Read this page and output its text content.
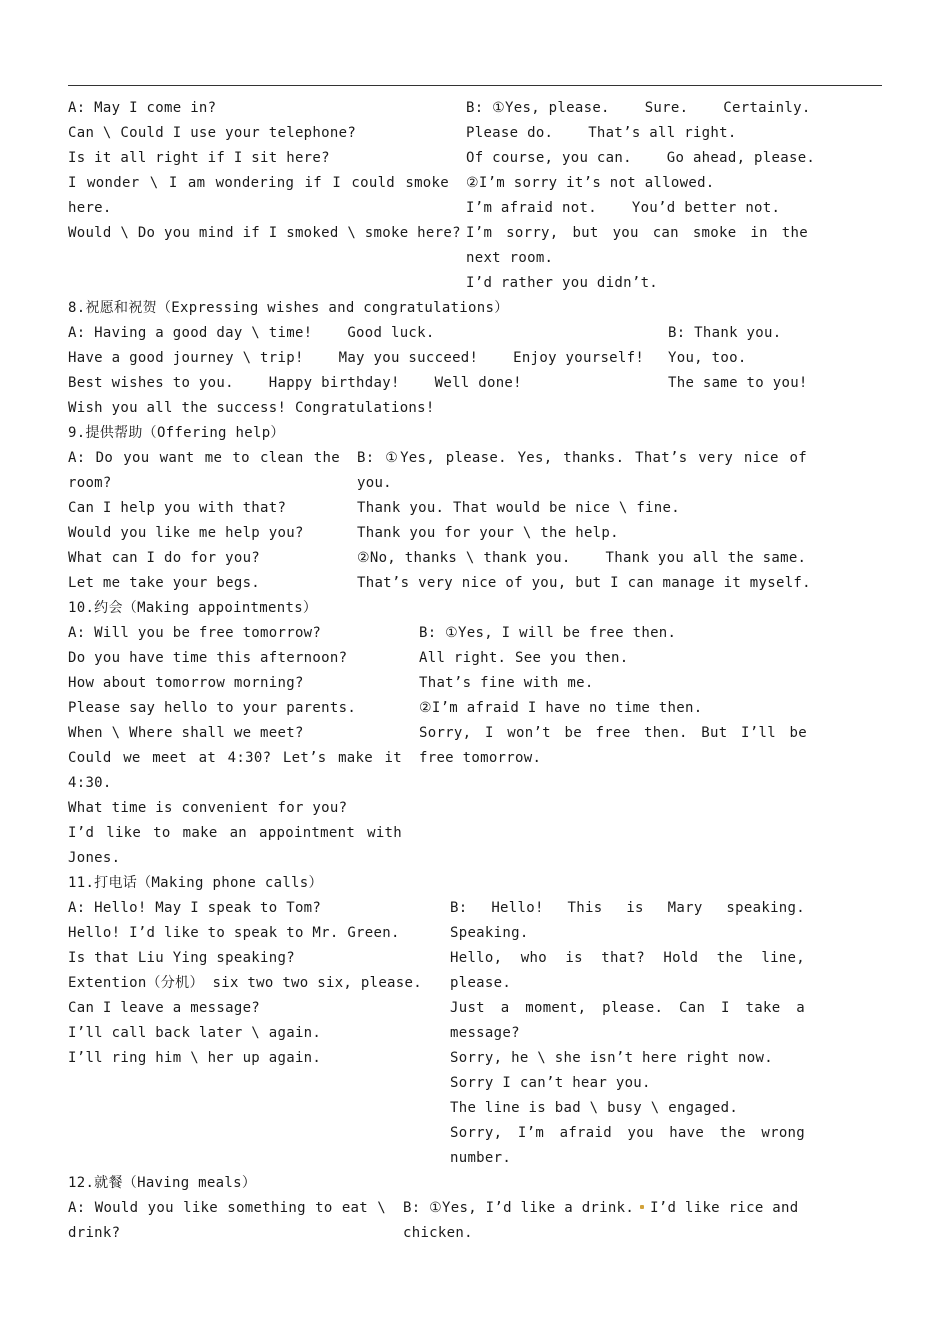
A: May I come in?
Can \ Could I use your telephone?
Is it all right if I sit here?
I wonder \ I am wondering if I could smoke here.
Would \ Do you mind if I smoked \ smoke here?
B: ①Yes, please.    Sure.    Certainly.
Please do.    That’s all right.
Of course, you can.    Go ahead, please.
②I’m sorry it’s not allowed.
I’m afraid not.    You’d better not.
I’m sorry, but you can smoke in the next room.
I’d rather you didn’t.
8.祝愿和祝贺（Expressing wishes and congratulations）
A: Having a good day \ time!    Good luck.
Have a good journey \ trip!    May you succeed!    Enjoy yourself!
Best wishes to you.    Happy birthday!    Well done!
Wish you all the success! Congratulations!
B: Thank you.
You, too.
The same to you!
9.提供帮助（Offering help）
A: Do you want me to clean the room?
Can I help you with that?
Would you like me help you?
What can I do for you?
Let me take your begs.
B: ①Yes, please. Yes, thanks. That’s very nice of you.
Thank you. That would be nice \ fine.
Thank you for your \ the help.
②No, thanks \ thank you.    Thank you all the same.
That’s very nice of you, but I can manage it myself.
10.约会（Making appointments）
A: Will you be free tomorrow?
Do you have time this afternoon?
How about tomorrow morning?
Please say hello to your parents.
When \ Where shall we meet?
Could we meet at 4:30? Let’s make it 4:30.
What time is convenient for you?
I’d like to make an appointment with Jones.
B: ①Yes, I will be free then.
All right. See you then.
That’s fine with me.
②I’m afraid I have no time then.
Sorry, I won’t be free then. But I’ll be free tomorrow.
11.打电话（Making phone calls）
A: Hello! May I speak to Tom?
Hello! I’d like to speak to Mr. Green.
Is that Liu Ying speaking?
Extention（分机） six two two six, please.
Can I leave a message?
I’ll call back later \ again.
I’ll ring him \ her up again.
B: Hello! This is Mary speaking. Speaking.
Hello, who is that? Hold the line, please.
Just a moment, please. Can I take a message?
Sorry, he \ she isn’t here right now.
Sorry I can’t hear you.
The line is bad \ busy \ engaged.
Sorry, I’m afraid you have the wrong number.
12.就餐（Having meals）
A: Would you like something to eat \ drink?
B: ①Yes, I’d like a drink. I’d like rice and chicken.
